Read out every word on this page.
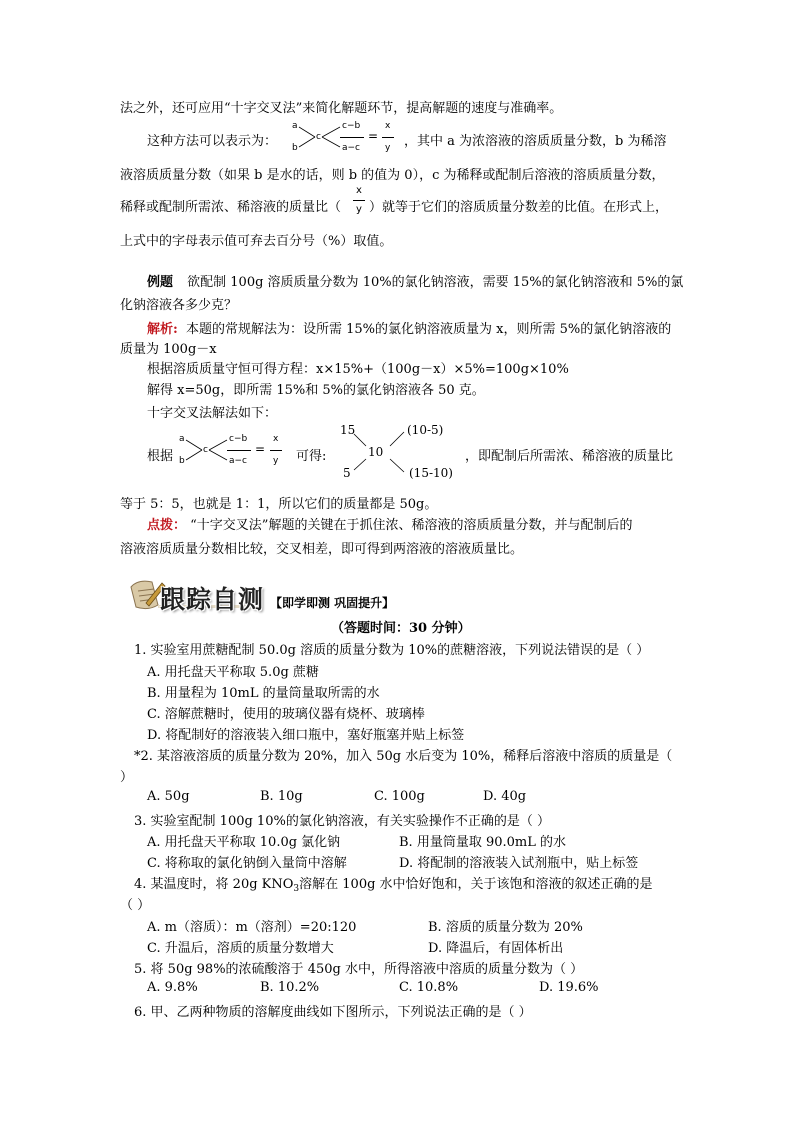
法之外，还可应用“十字交叉法”来简化解题环节，提高解题的速度与准确率。
这种方法可以表示为：
a
b
c
c−b
a−c
=
x
y ，其中 a 为浓溶液的溶质质量分数，b 为稀溶
液溶质质量分数（如果 b 是水的话，则 b 的值为 0），c 为稀释或配制后溶液的溶质质量分数，
稀释或配制所需浓、稀溶液的质量比（
x
y ）就等于它们的溶质质量分数差的比值。在形式上，
上式中的字母表示值可弃去百分号（%）取值。
例题 欲配制 100g 溶质质量分数为 10%的氯化钠溶液，需要 15%的氯化钠溶液和 5%的氯
化钠溶液各多少克？
解析: 本题的常规解法为：设所需 15%的氯化钠溶液质量为 x，则所需 5%的氯化钠溶液的
质量为 100g－x
根据溶质质量守恒可得方程：x×15%+（100g－x）×5%=100g×10%
解得 x=50g，即所需 15%和 5%的氯化钠溶液各 50 克。
十字交叉法解法如下：
根据
a
b
c
c−b
a−c
=
x
y 可得:
15
10
5
(10-5)
(15-10)
，即配制后所需浓、稀溶液的质量比
等于 5：5，也就是 1：1，所以它们的质量都是 50g。
点拨： “十字交叉法”解题的关键在于抓住浓、稀溶液的溶质质量分数，并与配制后的
溶液溶质质量分数相比较，交叉相差，即可得到两溶液的溶液质量比。
跟踪自测 【即学即测 巩固提升】
（答题时间：30 分钟）
1. 实验室用蔗糖配制 50.0g 溶质的质量分数为 10%的蔗糖溶液，下列说法错误的是（ ）
A. 用托盘天平称取 5.0g 蔗糖
B. 用量程为 10mL 的量筒量取所需的水
C. 溶解蔗糖时，使用的玻璃仪器有烧杯、玻璃棒
D. 将配制好的溶液装入细口瓶中，塞好瓶塞并贴上标签
*2. 某溶液溶质的质量分数为 20%，加入 50g 水后变为 10%，稀释后溶液中溶质的质量是（
）
A. 50g	B. 10g	C. 100g	D. 40g
3. 实验室配制 100g 10%的氯化钠溶液，有关实验操作不正确的是（ ）
A. 用托盘天平称取 10.0g 氯化钠	B. 用量筒量取 90.0mL 的水
C. 将称取的氯化钠倒入量筒中溶解	D. 将配制的溶液装入试剂瓶中，贴上标签
4. 某温度时，将 20g $KNO_3$溶解在 100g 水中恰好饱和，关于该饱和溶液的叙述正确的是
（ ）
A. m（溶质）：m（溶剂）=20:120	B. 溶质的质量分数为 20%
C. 升温后，溶质的质量分数增大	D. 降温后，有固体析出
5. 将 50g 98%的浓硫酸溶于 450g 水中，所得溶液中溶质的质量分数为（ ）
A. 9.8%	B. 10.2%	C. 10.8%	D. 19.6%
6. 甲、乙两种物质的溶解度曲线如下图所示，下列说法正确的是（ ）
